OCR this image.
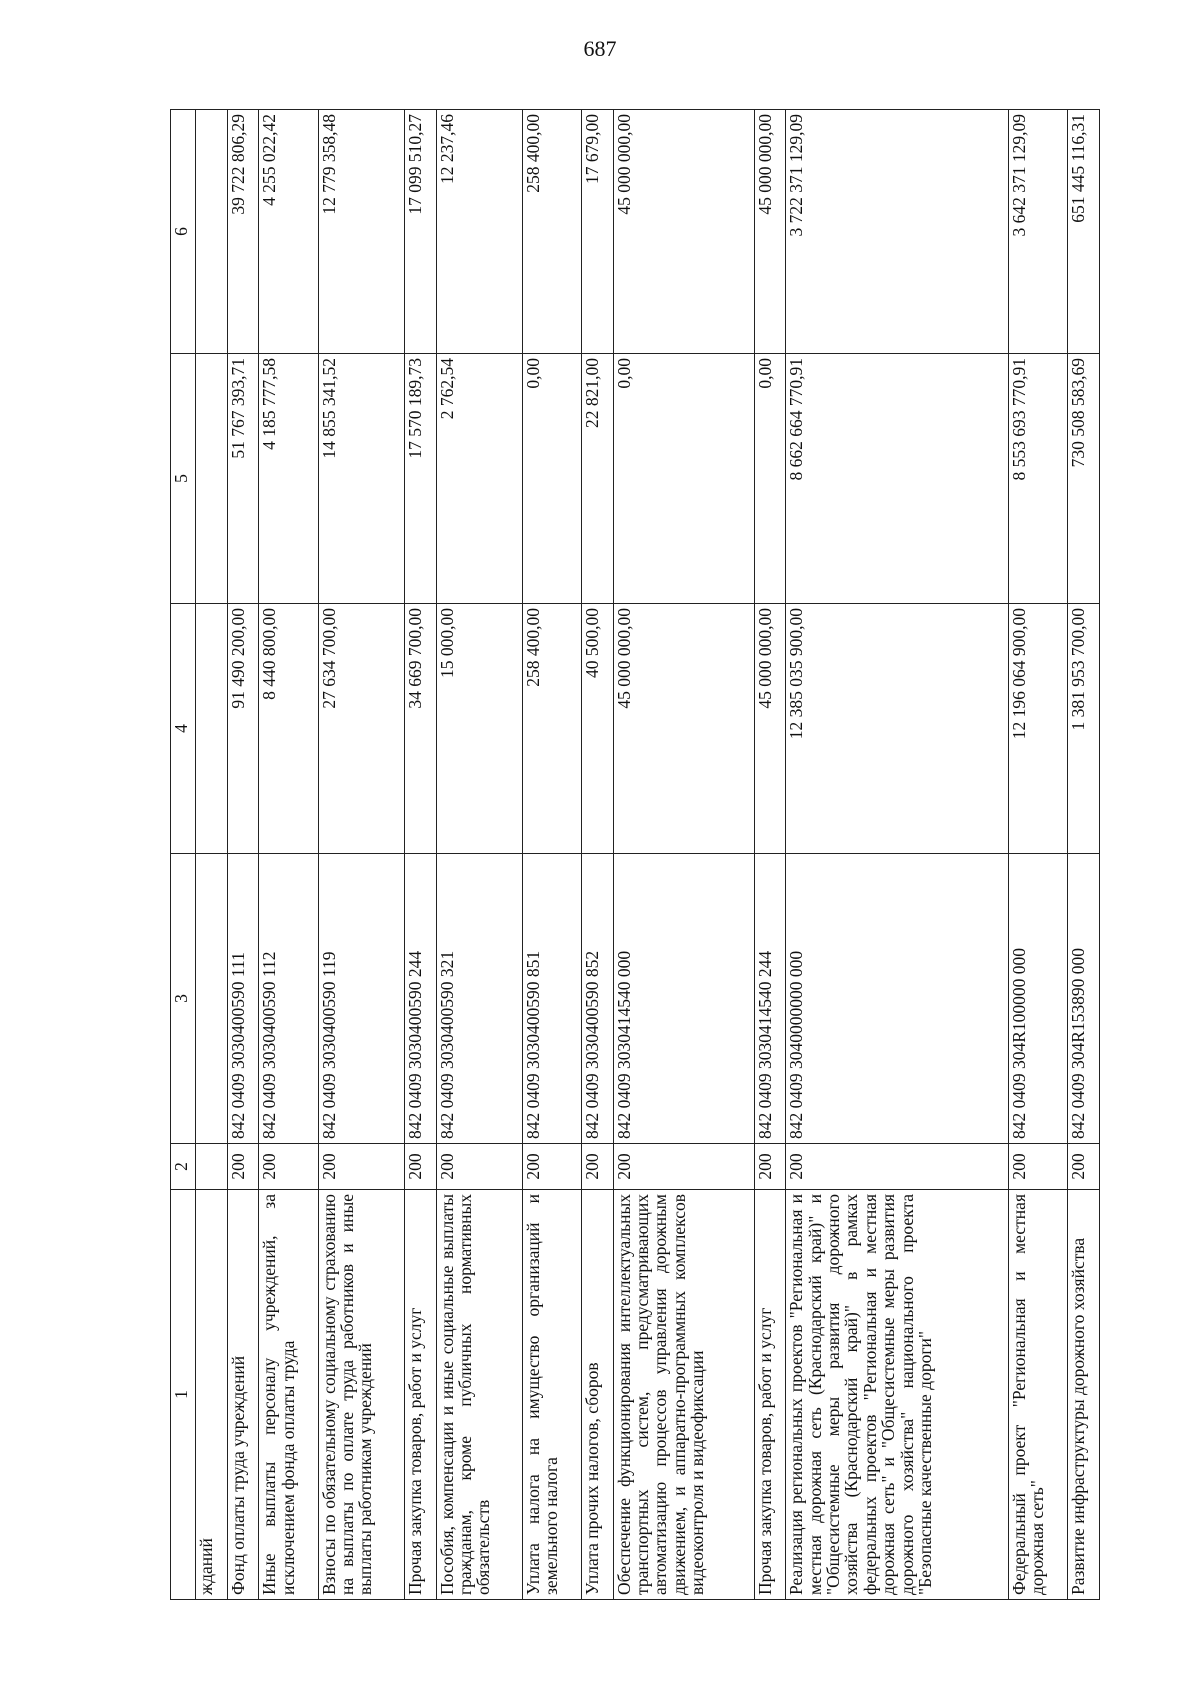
687
1	2	3	4	5	6
жданий					
Фонд оплаты труда учреждений	200	842 0409 3030400590 111	91 490 200,00	51 767 393,71	39 722 806,29
Иные выплаты персоналу учреждений, за исключением фонда оплаты труда	200	842 0409 3030400590 112	8 440 800,00	4 185 777,58	4 255 022,42
Взносы по обязательному социальному страхованию на выплаты по оплате труда работников и иные выплаты работникам учреждений	200	842 0409 3030400590 119	27 634 700,00	14 855 341,52	12 779 358,48
Прочая закупка товаров, работ и услуг	200	842 0409 3030400590 244	34 669 700,00	17 570 189,73	17 099 510,27
Пособия, компенсации и иные социальные выплаты гражданам, кроме публичных нормативных обязательств	200	842 0409 3030400590 321	15 000,00	2 762,54	12 237,46
Уплата налога на имущество организаций и земельного налога	200	842 0409 3030400590 851	258 400,00	0,00	258 400,00
Уплата прочих налогов, сборов	200	842 0409 3030400590 852	40 500,00	22 821,00	17 679,00
Обеспечение функционирования интеллектуальных транспортных систем, предусматривающих автоматизацию процессов управления дорожным движением, и аппаратно-программных комплексов видеоконтроля и видеофиксации	200	842 0409 3030414540 000	45 000 000,00	0,00	45 000 000,00
Прочая закупка товаров, работ и услуг	200	842 0409 3030414540 244	45 000 000,00	0,00	45 000 000,00
Реализация региональных проектов "Региональная и местная дорожная сеть (Краснодарский край)" и "Общесистемные меры развития дорожного хозяйства (Краснодарский край)" в рамках федеральных проектов "Региональная и местная дорожная сеть" и "Общесистемные меры развития дорожного хозяйства" национального проекта "Безопасные качественные дороги"	200	842 0409 3040000000 000	12 385 035 900,00	8 662 664 770,91	3 722 371 129,09
Федеральный проект "Региональная и местная дорожная сеть"	200	842 0409 304R100000 000	12 196 064 900,00	8 553 693 770,91	3 642 371 129,09
Развитие инфраструктуры дорожного хозяйства	200	842 0409 304R153890 000	1 381 953 700,00	730 508 583,69	651 445 116,31
